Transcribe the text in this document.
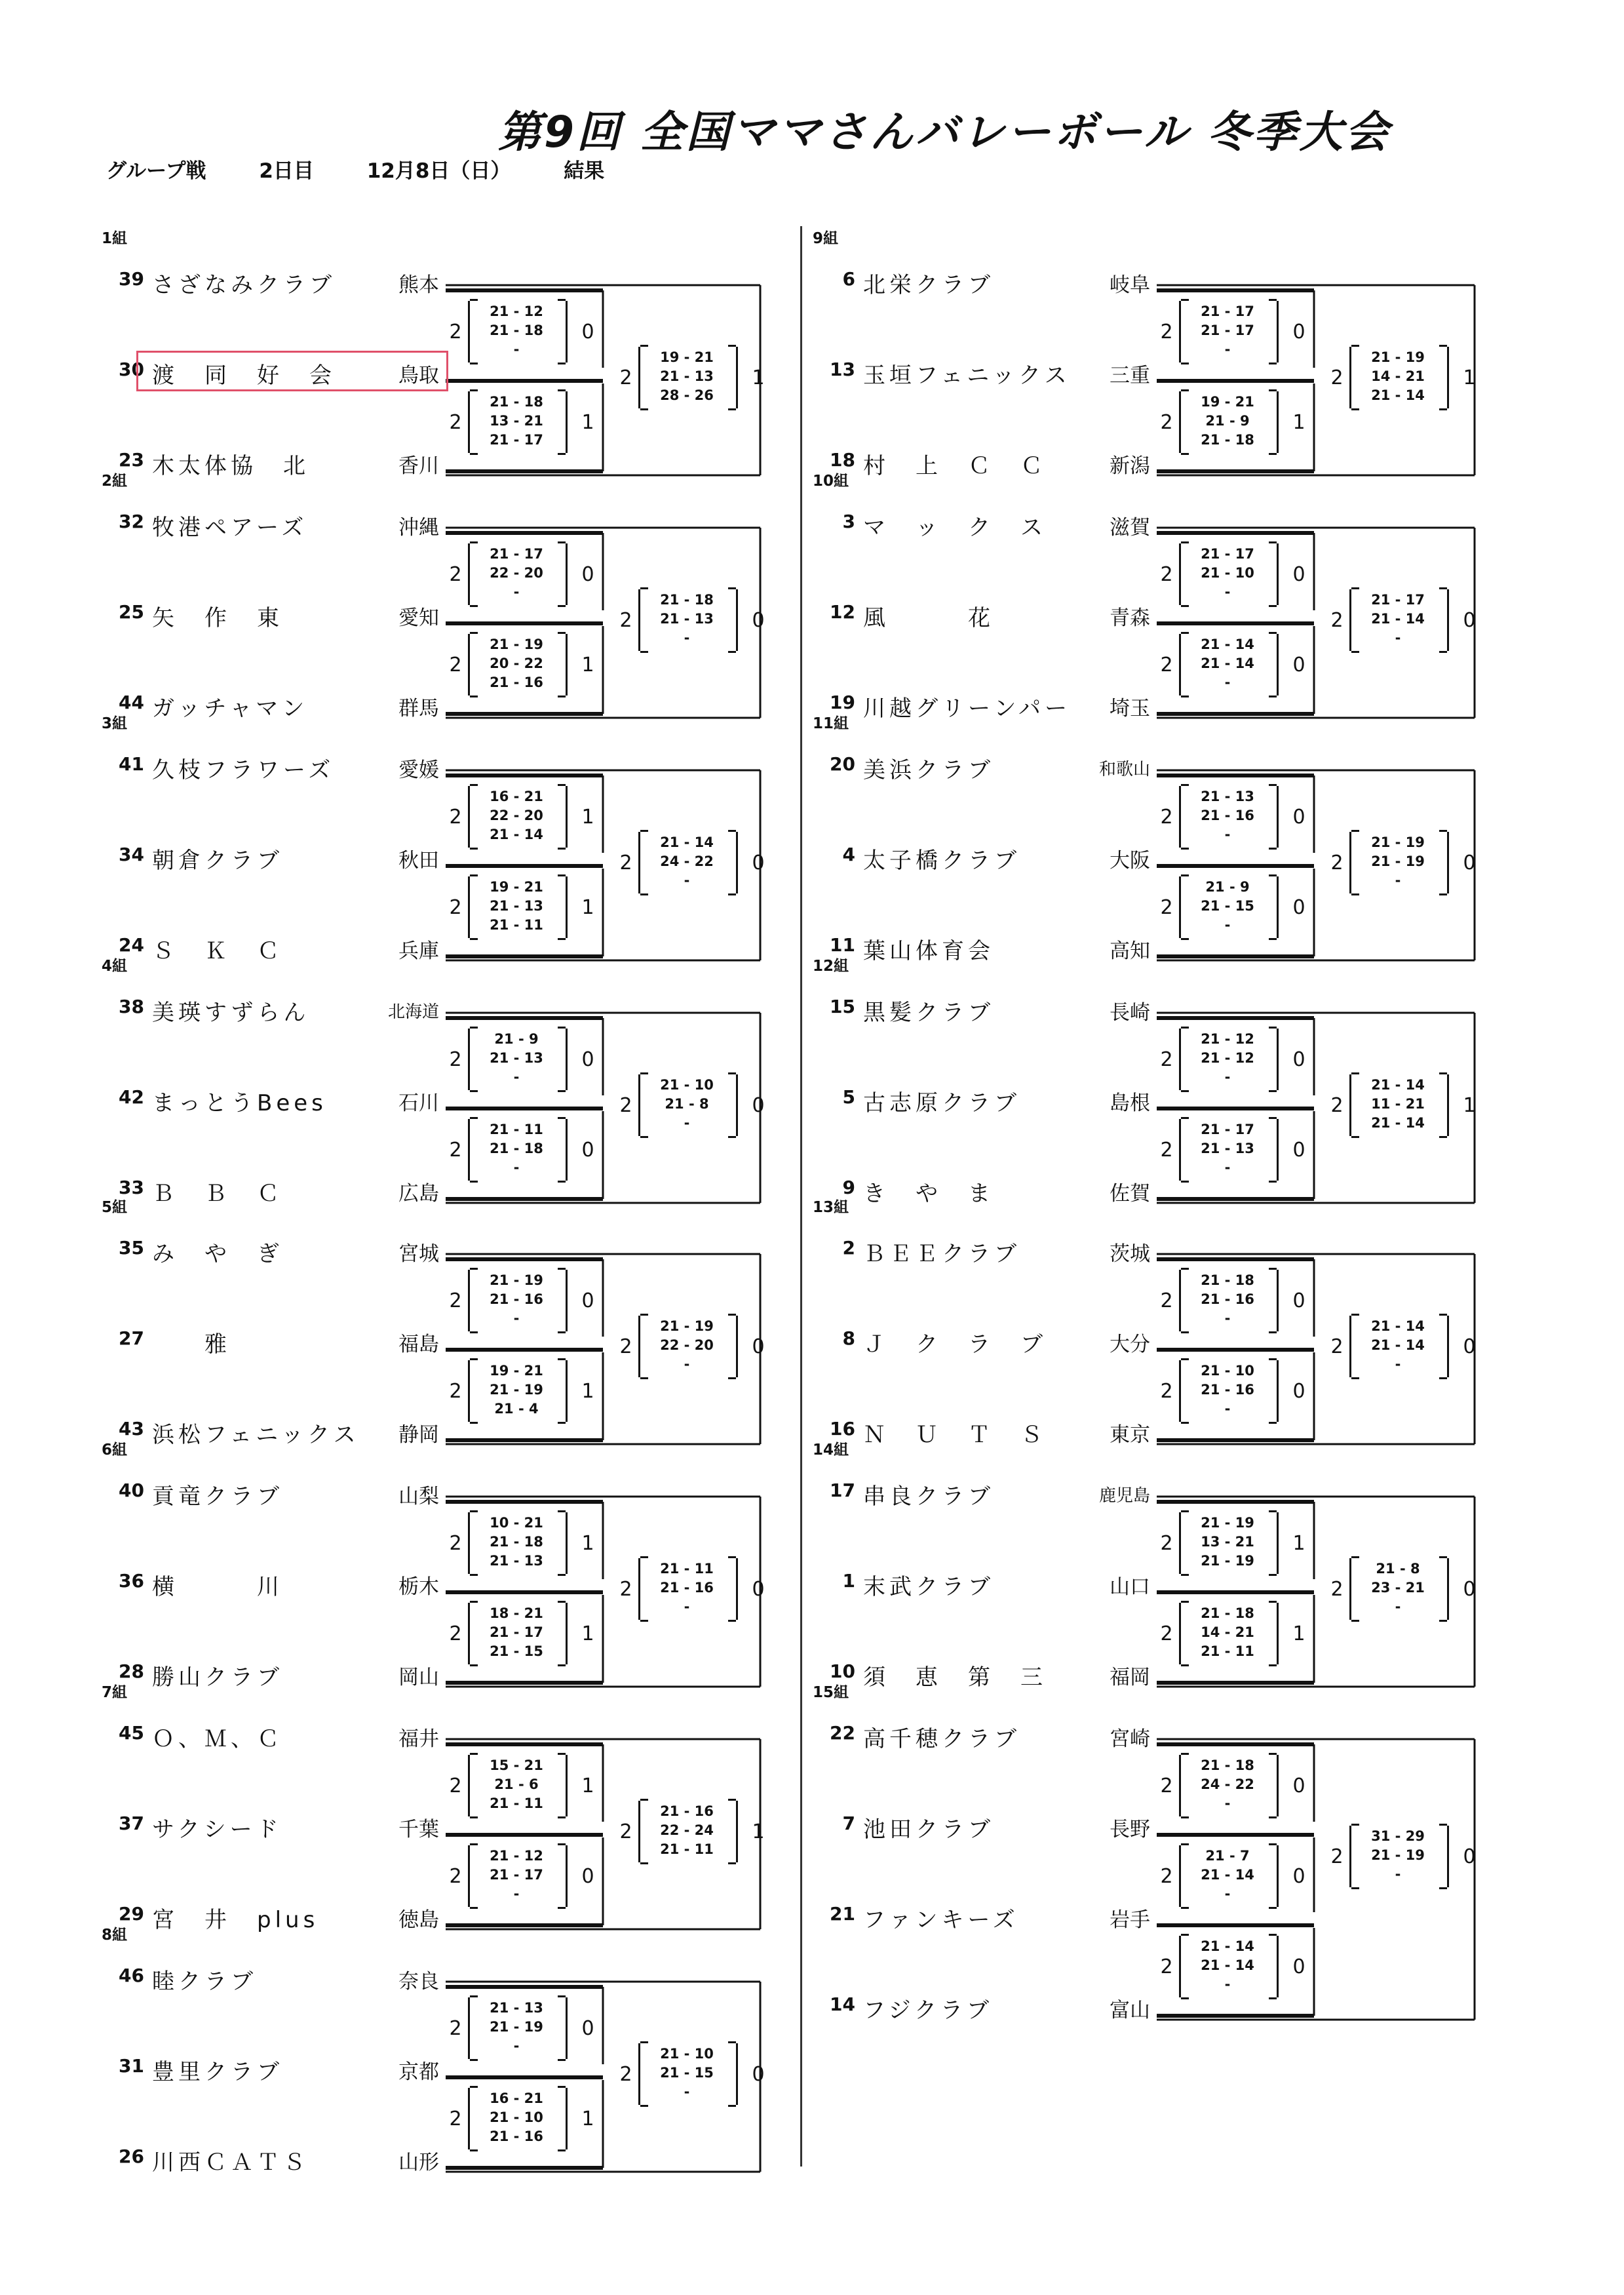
第9回 全国ママさんバレーボール 冬季大会
グループ戦	2日目	12月8日（日）	結果
1組
39 さざなみクラブ	熊本
30 渡　同　好　会	鳥取
23 木太体協　北	香川
2
21 - 12
21 - 18
-
0
2
21 - 18
13 - 21
21 - 17
1
2
19 - 21
21 - 13
28 - 26
1
2組
32 牧港ペアーズ	沖縄
25 矢　作　東	愛知
44 ガッチャマン	群馬
2
21 - 17
22 - 20
-
0
2
21 - 19
20 - 22
21 - 16
1
2
21 - 18
21 - 13
-
0
3組
41 久枝フラワーズ	愛媛
34 朝倉クラブ	秋田
24 Ｓ　Ｋ　Ｃ	兵庫
2
16 - 21
22 - 20
21 - 14
1
2
19 - 21
21 - 13
21 - 11
1
2
21 - 14
24 - 22
-
0
4組
38 美瑛すずらん	北海道
42 まっとうBees	石川
33 Ｂ　Ｂ　Ｃ	広島
2
21 - 9
21 - 13
-
0
2
21 - 11
21 - 18
-
0
2
21 - 10
21 - 8
-
0
5組
35 み　や　ぎ	宮城
27 　　雅	福島
43 浜松フェニックス	静岡
2
21 - 19
21 - 16
-
0
2
19 - 21
21 - 19
21 - 4
1
2
21 - 19
22 - 20
-
0
6組
40 貢竜クラブ	山梨
36 横　　　川	栃木
28 勝山クラブ	岡山
2
10 - 21
21 - 18
21 - 13
1
2
18 - 21
21 - 17
21 - 15
1
2
21 - 11
21 - 16
-
0
7組
45 Ｏ、Ｍ、Ｃ	福井
37 サクシード	千葉
29 宮　井　plus	徳島
2
15 - 21
21 - 6
21 - 11
1
2
21 - 12
21 - 17
-
0
2
21 - 16
22 - 24
21 - 11
1
8組
46 睦クラブ	奈良
31 豊里クラブ	京都
26 川西ＣＡＴＳ	山形
2
21 - 13
21 - 19
-
0
2
16 - 21
21 - 10
21 - 16
1
2
21 - 10
21 - 15
-
0
9組
6 北栄クラブ	岐阜
13 玉垣フェニックス	三重
18 村　上　Ｃ　Ｃ	新潟
2
21 - 17
21 - 17
-
0
2
19 - 21
21 - 9
21 - 18
1
2
21 - 19
14 - 21
21 - 14
1
10組
3 マ　ッ　ク　ス	滋賀
12 風　　　花	青森
19 川越グリーンパー	埼玉
2
21 - 17
21 - 10
-
0
2
21 - 14
21 - 14
-
0
2
21 - 17
21 - 14
-
0
11組
20 美浜クラブ	和歌山
4 太子橋クラブ	大阪
11 葉山体育会	高知
2
21 - 13
21 - 16
-
0
2
21 - 9
21 - 15
-
0
2
21 - 19
21 - 19
-
0
12組
15 黒髪クラブ	長崎
5 古志原クラブ	島根
9 き　や　ま	佐賀
2
21 - 12
21 - 12
-
0
2
21 - 17
21 - 13
-
0
2
21 - 14
11 - 21
21 - 14
1
13組
2 ＢＥＥクラブ	茨城
8 Ｊ　ク　ラ　ブ	大分
16 Ｎ　Ｕ　Ｔ　Ｓ	東京
2
21 - 18
21 - 16
-
0
2
21 - 10
21 - 16
-
0
2
21 - 14
21 - 14
-
0
14組
17 串良クラブ	鹿児島
1 末武クラブ	山口
10 須　恵　第　三	福岡
2
21 - 19
13 - 21
21 - 19
1
2
21 - 18
14 - 21
21 - 11
1
2
21 - 8
23 - 21
-
0
15組
22 高千穂クラブ	宮崎
7 池田クラブ	長野
21 ファンキーズ	岩手
14 フジクラブ	富山
2
21 - 18
24 - 22
-
0
2
21 - 7
21 - 14
-
0
2
21 - 14
21 - 14
-
0
2
31 - 29
21 - 19
-
0
